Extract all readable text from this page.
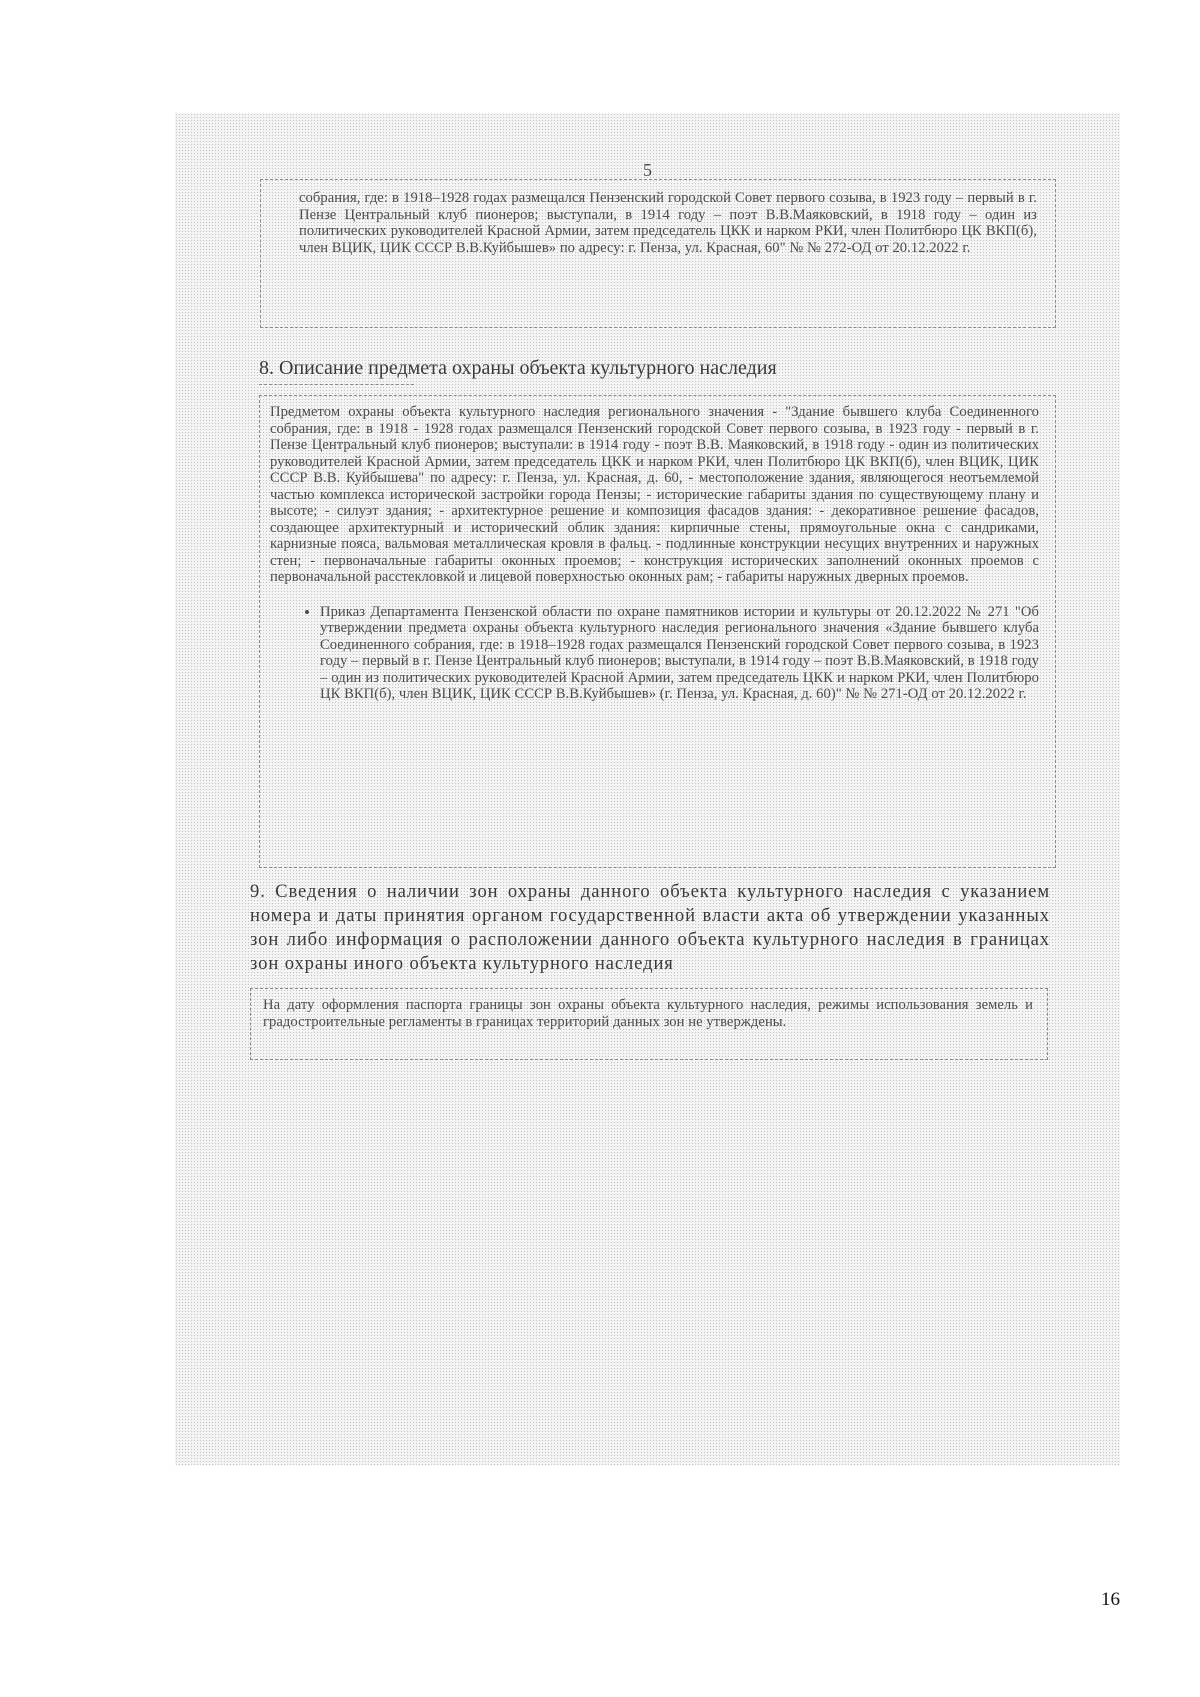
5

собрания, где: в 1918–1928 годах размещался Пензенский городской Совет первого созыва, в 1923 году – первый в г. Пензе Центральный клуб пионеров; выступали, в 1914 году – поэт В.В.Маяковский, в 1918 году – один из политических руководителей Красной Армии, затем председатель ЦКК и нарком РКИ, член Политбюро ЦК ВКП(б), член ВЦИК, ЦИК СССР В.В.Куйбышев» по адресу: г. Пенза, ул. Красная, 60" № № 272-ОД от 20.12.2022 г.

8. Описание предмета охраны объекта культурного наследия

Предметом охраны объекта культурного наследия регионального значения - "Здание бывшего клуба Соединенного собрания, где: в 1918 - 1928 годах размещался Пензенский городской Совет первого созыва, в 1923 году - первый в г. Пензе Центральный клуб пионеров; выступали: в 1914 году - поэт В.В. Маяковский, в 1918 году - один из политических руководителей Красной Армии, затем председатель ЦКК и нарком РКИ, член Политбюро ЦК ВКП(б), член ВЦИК, ЦИК СССР В.В. Куйбышева" по адресу: г. Пенза, ул. Красная, д. 60, - местоположение здания, являющегося неотъемлемой частью комплекса исторической застройки города Пензы; - исторические габариты здания по существующему плану и высоте; - силуэт здания; - архитектурное решение и композиция фасадов здания: - декоративное решение фасадов, создающее архитектурный и исторический облик здания: кирпичные стены, прямоугольные окна с сандриками, карнизные пояса, вальмовая металлическая кровля в фальц. - подлинные конструкции несущих внутренних и наружных стен; - первоначальные габариты оконных проемов; - конструкция исторических заполнений оконных проемов с первоначальной расстекловкой и лицевой поверхностью оконных рам; - габариты наружных дверных проемов.

• Приказ Департамента Пензенской области по охране памятников истории и культуры от 20.12.2022 № 271 "Об утверждении предмета охраны объекта культурного наследия регионального значения «Здание бывшего клуба Соединенного собрания, где: в 1918–1928 годах размещался Пензенский городской Совет первого созыва, в 1923 году – первый в г. Пензе Центральный клуб пионеров; выступали, в 1914 году – поэт В.В.Маяковский, в 1918 году – один из политических руководителей Красной Армии, затем председатель ЦКК и нарком РКИ, член Политбюро ЦК ВКП(б), член ВЦИК, ЦИК СССР В.В.Куйбышев» (г. Пенза, ул. Красная, д. 60)" № № 271-ОД от 20.12.2022 г.
9. Сведения о наличии зон охраны данного объекта культурного наследия с указанием номера и даты принятия органом государственной власти акта об утверждении указанных зон либо информация о расположении данного объекта культурного наследия в границах зон охраны иного объекта культурного наследия

На дату оформления паспорта границы зон охраны объекта культурного наследия, режимы использования земель и градостроительные регламенты в границах территорий данных зон не утверждены.

16
